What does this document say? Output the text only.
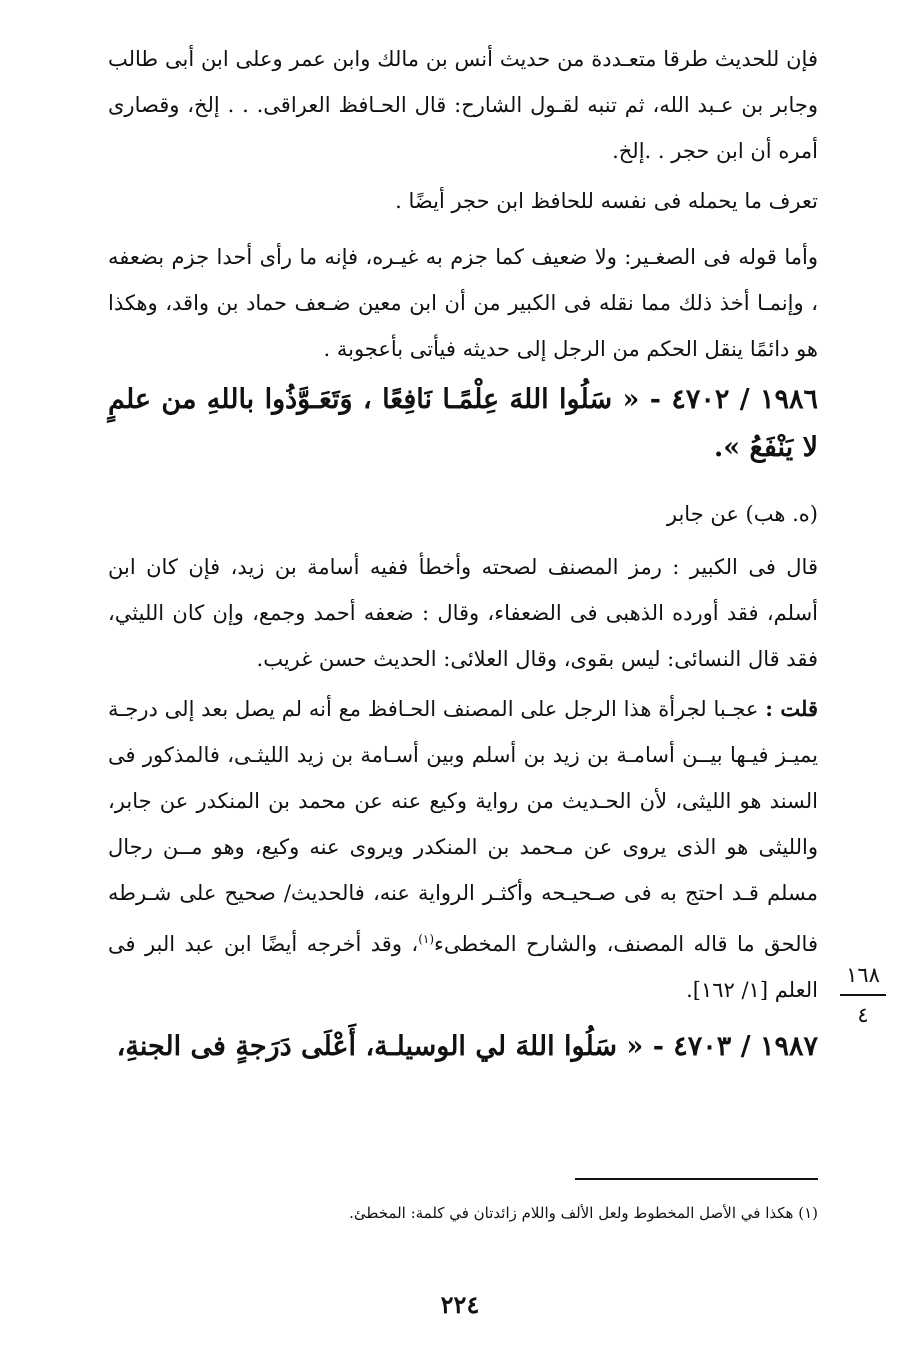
فإن للحديث طرقا متعـددة من حديث أنس بن مالك وابن عمر وعلى ابن أبى طالب وجابر بن عـبد الله، ثم تنبه لقـول الشارح: قال الحـافظ العراقى. . . إلخ، وقصارى أمره أن ابن حجر . .إلخ.

تعرف ما يحمله فى نفسه للحافظ ابن حجر أيضًا .

وأما قوله فى الصغـير: ولا ضعيف كما جزم به غيـره، فإنه ما رأى أحدا جزم بضعفه ، وإنمـا أخذ ذلك مما نقله فى الكبير من أن ابن معين ضـعف حماد بن واقد، وهكذا هو دائمًا ينقل الحكم من الرجل إلى حديثه فيأتى بأعجوبة .

١٩٨٦ / ٤٧٠٢ - « سَلُوا اللهَ عِلْمًـا نَافِعًا ، وَتَعَـوَّذُوا باللهِ من علمٍ لا يَنْفَعُ ».

(ه. هب) عن جابر

قال فى الكبير : رمز المصنف لصحته وأخطأ ففيه أسامة بن زيد، فإن كان ابن أسلم، فقد أورده الذهبى فى الضعفاء، وقال : ضعفه أحمد وجمع، وإن كان الليثي، فقد قال النسائى: ليس بقوى، وقال العلائى: الحديث حسن غريب.

قلت : عجـبا لجرأة هذا الرجل على المصنف الحـافظ مع أنه لم يصل بعد إلى درجـة يميـز فيـها بيــن أسامـة بن زيد بن أسلم وبين أسـامة بن زيد الليثـى، فالمذكور فى السند هو الليثى، لأن الحـديث من رواية وكيع عنه عن محمد بن المنكدر عن جابر، والليثى هو الذى يروى عن مـحمد بن المنكدر ويروى عنه وكيع، وهو مــن رجال مسلم قـد احتج به فى صـحيـحه وأكثـر الرواية عنه، فالحديث/ صحيح على شـرطه فالحق ما قاله المصنف، والشارح المخطىء$^{(١)}$، وقد أخرجه أيضًا ابن عبد البر فى العلم [١/ ١٦٢].

١٩٨٧ / ٤٧٠٣ - « سَلُوا اللهَ لي الوسيلـة، أَعْلَى دَرَجةٍ فى الجنةِ،

١٦٨
٤

(١) هكذا في الأصل المخطوط ولعل الألف واللام زائدتان في كلمة: المخطئ.

٢٢٤
